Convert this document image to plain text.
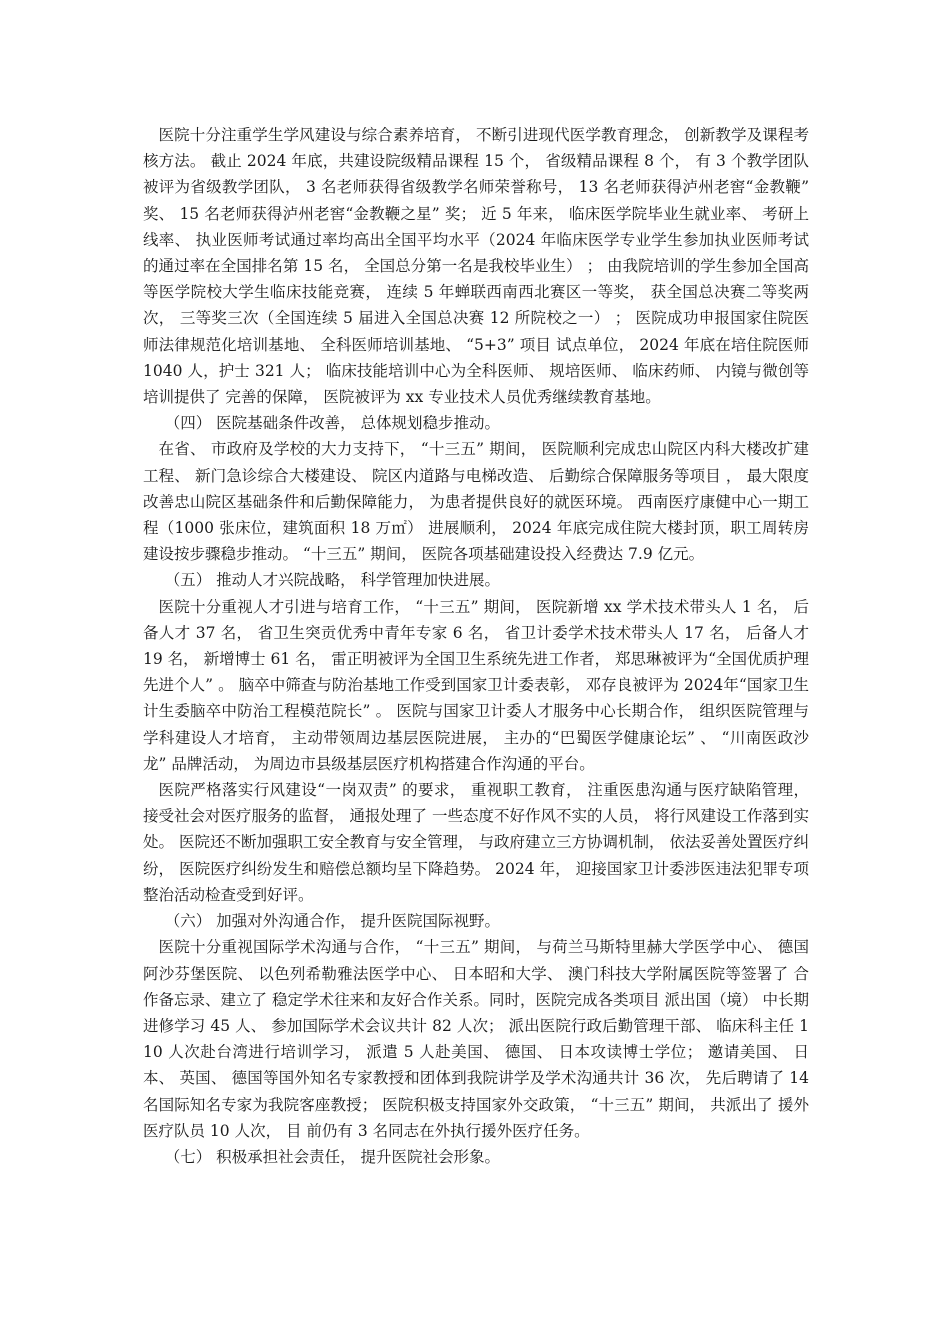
医院十分注重学生学风建设与综合素养培育， 不断引进现代医学教育理念， 创新教学及课程考核方法。 截止 2024 年底，共建设院级精品课程 15 个， 省级精品课程 8 个， 有 3 个教学团队被评为省级教学团队， 3 名老师获得省级教学名师荣誉称号， 13 名老师获得泸州老窖“金教鞭” 奖、 15 名老师获得泸州老窖“金教鞭之星” 奖； 近 5 年来， 临床医学院毕业生就业率、 考研上线率、 执业医师考试通过率均高出全国平均水平（2024 年临床医学专业学生参加执业医师考试的通过率在全国排名第 15 名， 全国总分第一名是我校毕业生） ； 由我院培训的学生参加全国高等医学院校大学生临床技能竞赛， 连续 5 年蝉联西南西北赛区一等奖， 获全国总决赛二等奖两次， 三等奖三次（全国连续 5 届进入全国总决赛 12 所院校之一） ； 医院成功申报国家住院医师法律规范化培训基地、 全科医师培训基地、 “5+3” 项目 试点单位， 2024 年底在培住院医师 1040 人，护士 321 人； 临床技能培训中心为全科医师、 规培医师、 临床药师、 内镜与微创等培训提供了 完善的保障， 医院被评为 xx 专业技术人员优秀继续教育基地。

（四） 医院基础条件改善， 总体规划稳步推动。

在省、 市政府及学校的大力支持下， “十三五” 期间， 医院顺利完成忠山院区内科大楼改扩建工程、 新门急诊综合大楼建设、 院区内道路与电梯改造、 后勤综合保障服务等项目 ， 最大限度改善忠山院区基础条件和后勤保障能力， 为患者提供良好的就医环境。 西南医疗康健中心一期工程（1000 张床位，建筑面积 18 万㎡） 进展顺利， 2024 年底完成住院大楼封顶，职工周转房建设按步骤稳步推动。 “十三五” 期间， 医院各项基础建设投入经费达 7.9 亿元。

（五） 推动人才兴院战略， 科学管理加快进展。

医院十分重视人才引进与培育工作， “十三五” 期间， 医院新增 xx 学术技术带头人 1 名， 后备人才 37 名， 省卫生突贡优秀中青年专家 6 名， 省卫计委学术技术带头人 17 名， 后备人才 19 名， 新增博士 61 名， 雷正明被评为全国卫生系统先进工作者， 郑思琳被评为“全国优质护理先进个人” 。 脑卒中筛查与防治基地工作受到国家卫计委表彰， 邓存良被评为 2024年“国家卫生计生委脑卒中防治工程模范院长” 。 医院与国家卫计委人才服务中心长期合作， 组织医院管理与学科建设人才培育， 主动带领周边基层医院进展， 主办的“巴蜀医学健康论坛” 、 “川南医政沙龙” 品牌活动， 为周边市县级基层医疗机构搭建合作沟通的平台。

医院严格落实行风建设“一岗双责” 的要求， 重视职工教育， 注重医患沟通与医疗缺陷管理， 接受社会对医疗服务的监督， 通报处理了 一些态度不好作风不实的人员， 将行风建设工作落到实处。 医院还不断加强职工安全教育与安全管理， 与政府建立三方协调机制， 依法妥善处置医疗纠纷， 医院医疗纠纷发生和赔偿总额均呈下降趋势。 2024 年， 迎接国家卫计委涉医违法犯罪专项整治活动检查受到好评。

（六） 加强对外沟通合作， 提升医院国际视野。

医院十分重视国际学术沟通与合作， “十三五” 期间， 与荷兰马斯特里赫大学医学中心、 德国阿沙芬堡医院、 以色列希勒雅法医学中心、 日本昭和大学、 澳门科技大学附属医院等签署了 合作备忘录、建立了 稳定学术往来和友好合作关系。同时，医院完成各类项目 派出国（境） 中长期进修学习 45 人、 参加国际学术会议共计 82 人次； 派出医院行政后勤管理干部、 临床科主任 110 人次赴台湾进行培训学习， 派遣 5 人赴美国、 德国、 日本攻读博士学位； 邀请美国、 日本、 英国、 德国等国外知名专家教授和团体到我院讲学及学术沟通共计 36 次， 先后聘请了 14 名国际知名专家为我院客座教授； 医院积极支持国家外交政策， “十三五” 期间， 共派出了 援外医疗队员 10 人次， 目 前仍有 3 名同志在外执行援外医疗任务。

（七） 积极承担社会责任， 提升医院社会形象。
